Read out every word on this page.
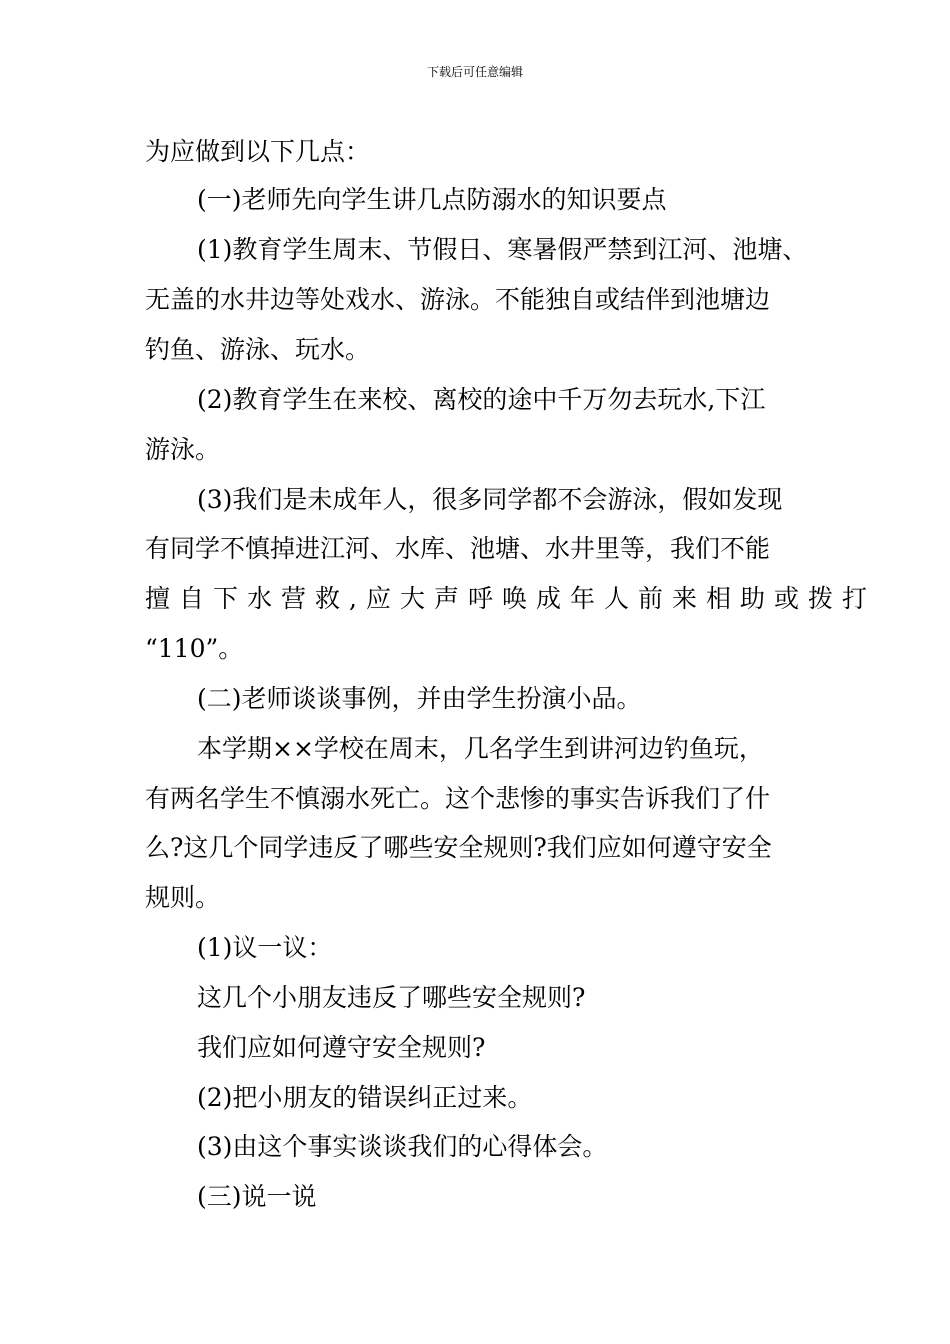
下载后可任意编辑
为应做到以下几点：
(一)老师先向学生讲几点防溺水的知识要点
(1)教育学生周末、节假日、寒暑假严禁到江河、池塘、
无盖的水井边等处戏水、游泳。不能独自或结伴到池塘边
钓鱼、游泳、玩水。
(2)教育学生在来校、离校的途中千万勿去玩水,下江
游泳。
(3)我们是未成年人，很多同学都不会游泳，假如发现
有同学不慎掉进江河、水库、池塘、水井里等，我们不能
擅自下水营救,应大声呼唤成年人前来相助或拨打
“110”。
(二)老师谈谈事例，并由学生扮演小品。
本学期××学校在周末，几名学生到讲河边钓鱼玩，
有两名学生不慎溺水死亡。这个悲惨的事实告诉我们了什
么?这几个同学违反了哪些安全规则?我们应如何遵守安全
规则。
(1)议一议：
这几个小朋友违反了哪些安全规则?
我们应如何遵守安全规则?
(2)把小朋友的错误纠正过来。
(3)由这个事实谈谈我们的心得体会。
(三)说一说
